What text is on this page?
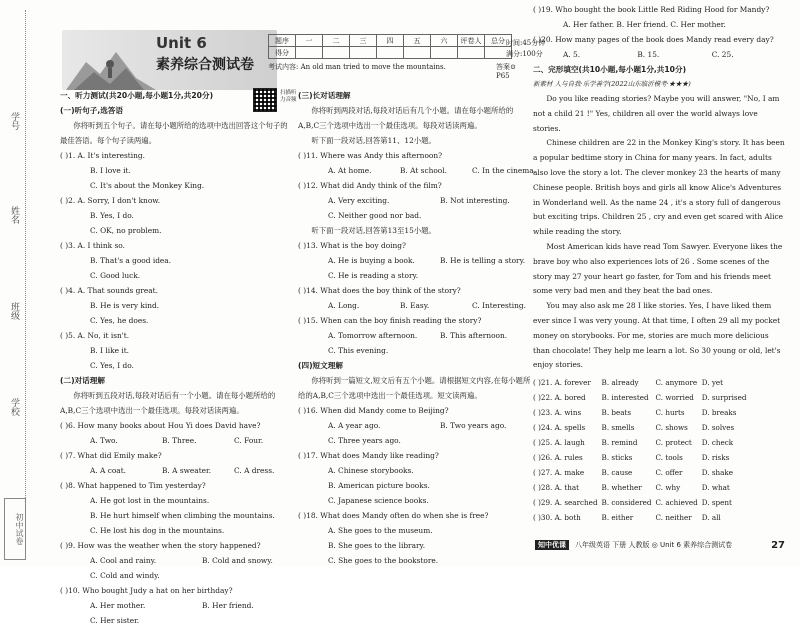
学号
姓名
班级
学校
初中试卷
Unit 6
素养综合测试卷
题序	一	二	三	四	五	六	评卷人	总分
得分								
时间:45分钟
满分:100分
考试内容: An old man tried to move the mountains.	答案⊙ P65
扫描听力音频
一、听力测试(共20小题,每小题1分,共20分)
(一)听句子,选答语
你将听到五个句子。请在每小题所给的选项中选出回答这个句子的最佳答语。每个句子读两遍。
( )1. A. It's interesting.
B. I love it.
C. It's about the Monkey King.
( )2. A. Sorry, I don't know.
B. Yes, I do.
C. OK, no problem.
( )3. A. I think so.
B. That's a good idea.
C. Good luck.
( )4. A. That sounds great.
B. He is very kind.
C. Yes, he does.
( )5. A. No, it isn't.
B. I like it.
C. Yes, I do.
(二)对话理解
你将听到五段对话,每段对话后有一个小题。请在每小题所给的A,B,C三个选项中选出一个最佳选项。每段对话读两遍。
( )6. How many books about Hou Yi does David have?
A. Two.	B. Three.	C. Four.
( )7. What did Emily make?
A. A coat.	B. A sweater.	C. A dress.
( )8. What happened to Tim yesterday?
A. He got lost in the mountains.
B. He hurt himself when climbing the mountains.
C. He lost his dog in the mountains.
( )9. How was the weather when the story happened?
A. Cool and rainy.	B. Cold and snowy.
C. Cold and windy.
( )10. Who bought Judy a hat on her birthday?
A. Her mother.	B. Her friend.
C. Her sister.
(三)长对话理解
你将听到两段对话,每段对话后有几个小题。请在每小题所给的A,B,C三个选项中选出一个最佳选项。每段对话读两遍。
听下面一段对话,回答第11、12小题。
( )11. Where was Andy this afternoon?
A. At home.	B. At school.	C. In the cinema.
( )12. What did Andy think of the film?
A. Very exciting.	B. Not interesting.
C. Neither good nor bad.
听下面一段对话,回答第13至15小题。
( )13. What is the boy doing?
A. He is buying a book.	B. He is telling a story.
C. He is reading a story.
( )14. What does the boy think of the story?
A. Long.	B. Easy.	C. Interesting.
( )15. When can the boy finish reading the story?
A. Tomorrow afternoon.	B. This afternoon.
C. This evening.
(四)短文理解
你将听到一篇短文,短文后有五个小题。请根据短文内容,在每小题所给的A,B,C三个选项中选出一个最佳选项。短文读两遍。
( )16. When did Mandy come to Beijing?
A. A year ago.	B. Two years ago.
C. Three years ago.
( )17. What does Mandy like reading?
A. Chinese storybooks.
B. American picture books.
C. Japanese science books.
( )18. What does Mandy often do when she is free?
A. She goes to the museum.
B. She goes to the library.
C. She goes to the bookstore.
( )19. Who bought the book Little Red Riding Hood for Mandy?
A. Her father. B. Her friend. C. Her mother.
( )20. How many pages of the book does Mandy read every day?
A. 5.	B. 15.	C. 25.
二、完形填空(共10小题,每小题1分,共10分)
新素材 人与自我·乐学善学(2022山东临沂模考·★★★)

Do you like reading stories? Maybe you will answer, "No, I am not a child 21 !" Yes, children all over the world always love stories.

Chinese children are 22 in the Monkey King's story. It has been a popular bedtime story in China for many years. In fact, adults also love the story a lot. The clever monkey 23 the hearts of many Chinese people. British boys and girls all know Alice's Adventures in Wonderland well. As the name 24 , it's a story full of dangerous but exciting trips. Children 25 , cry and even get scared with Alice while reading the story.

Most American kids have read Tom Sawyer. Everyone likes the brave boy who also experiences lots of 26 . Some scenes of the story may 27 your heart go faster, for Tom and his friends meet some very bad men and they beat the bad ones.

You may also ask me 28 I like stories. Yes, I have liked them ever since I was very young. At that time, I often 29 all my pocket money on storybooks. For me, stories are much more delicious than chocolate! They help me learn a lot. So 30 young or old, let's enjoy stories.

( )21. A. forever	B. already	C. anymore	D. yet
( )22. A. bored	B. interested	C. worried	D. surprised
( )23. A. wins	B. beats	C. hurts	D. breaks
( )24. A. spells	B. smells	C. shows	D. solves
( )25. A. laugh	B. remind	C. protect	D. check
( )26. A. rules	B. sticks	C. tools	D. risks
( )27. A. make	B. cause	C. offer	D. shake
( )28. A. that	B. whether	C. why	D. what
( )29. A. searched	B. considered	C. achieved	D. spent
( )30. A. both	B. either	C. neither	D. all
知中优课	八年级英语 下册 人教版 ◎ Unit 6 素养综合测试卷	27
